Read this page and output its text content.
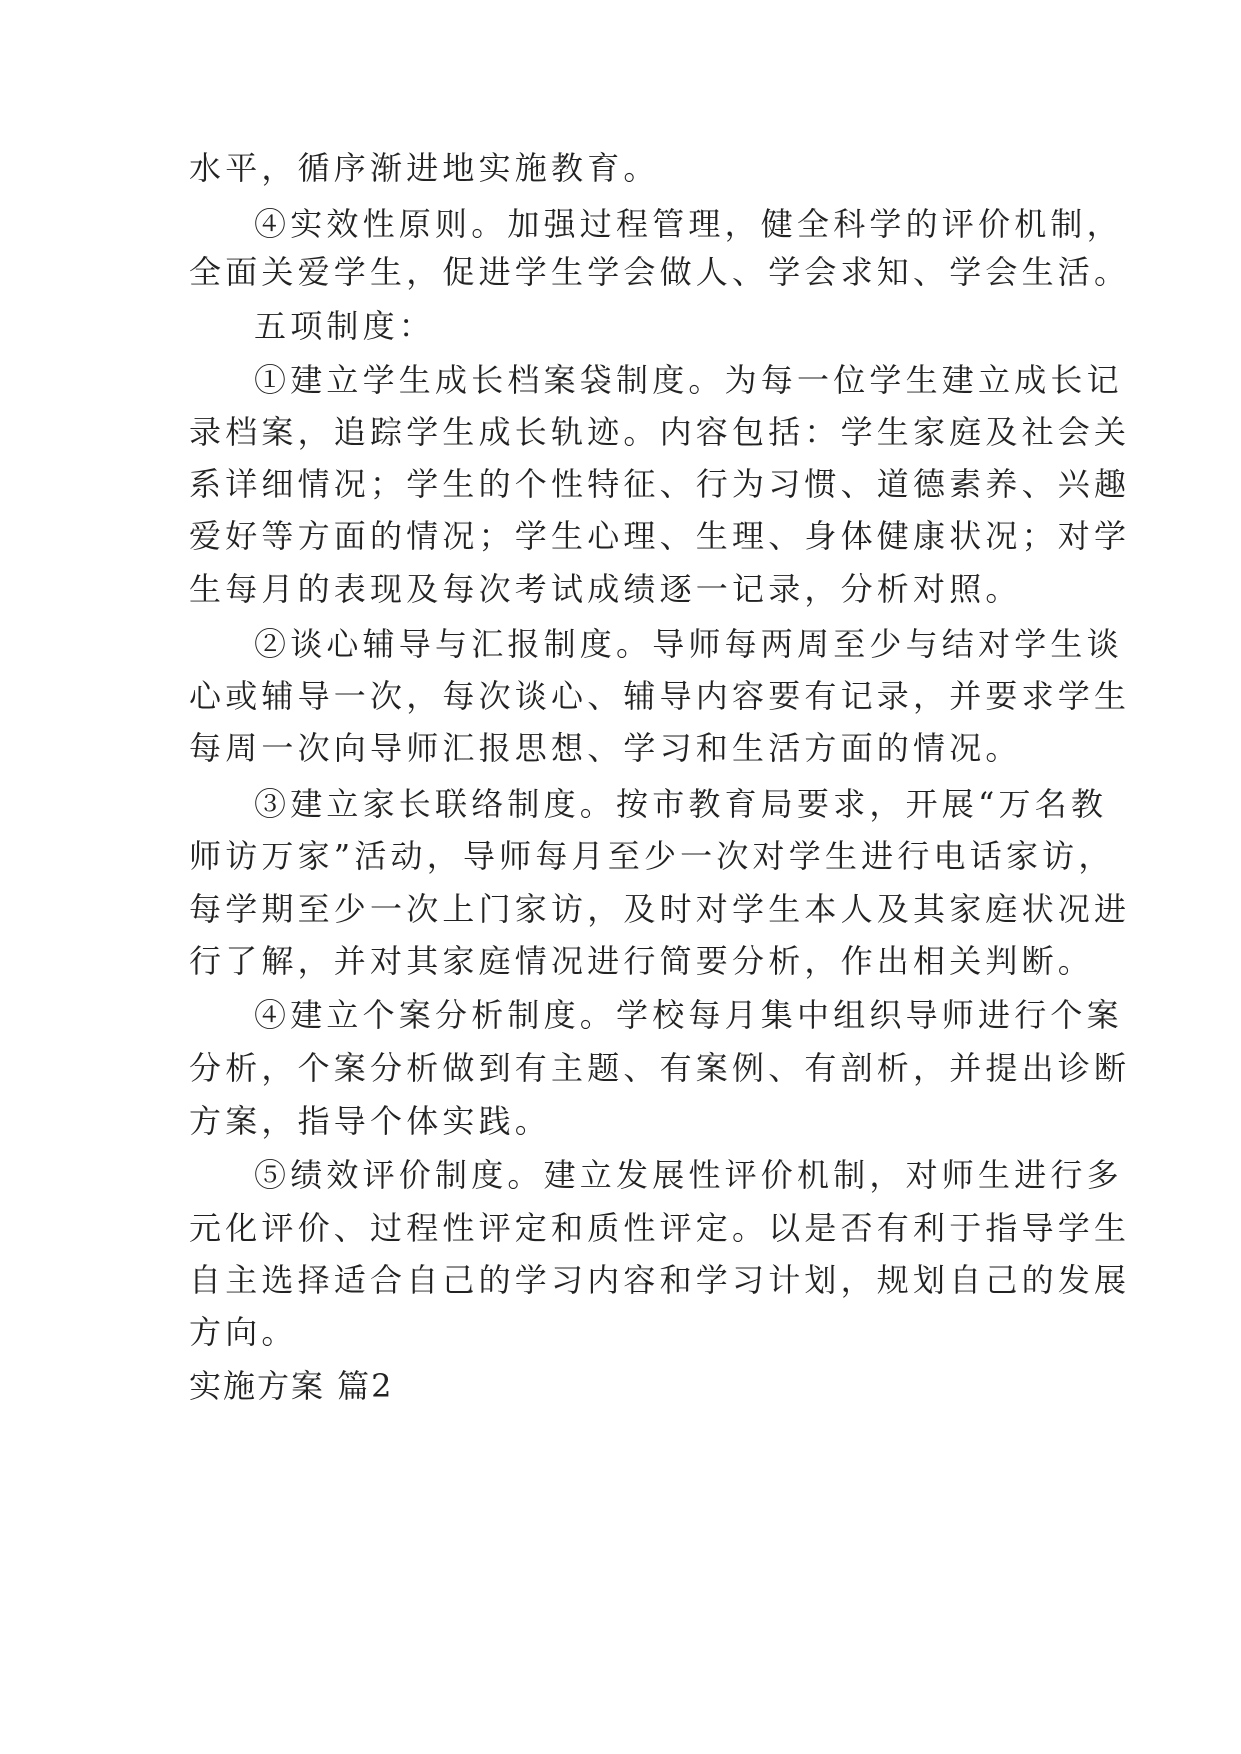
水平，循序渐进地实施教育。
④实效性原则。加强过程管理，健全科学的评价机制，
全面关爱学生，促进学生学会做人、学会求知、学会生活。
五项制度：
①建立学生成长档案袋制度。为每一位学生建立成长记
录档案，追踪学生成长轨迹。内容包括：学生家庭及社会关
系详细情况；学生的个性特征、行为习惯、道德素养、兴趣
爱好等方面的情况；学生心理、生理、身体健康状况；对学
生每月的表现及每次考试成绩逐一记录，分析对照。
②谈心辅导与汇报制度。导师每两周至少与结对学生谈
心或辅导一次，每次谈心、辅导内容要有记录，并要求学生
每周一次向导师汇报思想、学习和生活方面的情况。
③建立家长联络制度。按市教育局要求，开展“万名教
师访万家”活动，导师每月至少一次对学生进行电话家访，
每学期至少一次上门家访，及时对学生本人及其家庭状况进
行了解，并对其家庭情况进行简要分析，作出相关判断。
④建立个案分析制度。学校每月集中组织导师进行个案
分析，个案分析做到有主题、有案例、有剖析，并提出诊断
方案，指导个体实践。
⑤绩效评价制度。建立发展性评价机制，对师生进行多
元化评价、过程性评定和质性评定。以是否有利于指导学生
自主选择适合自己的学习内容和学习计划，规划自己的发展
方向。
实施方案 篇2
